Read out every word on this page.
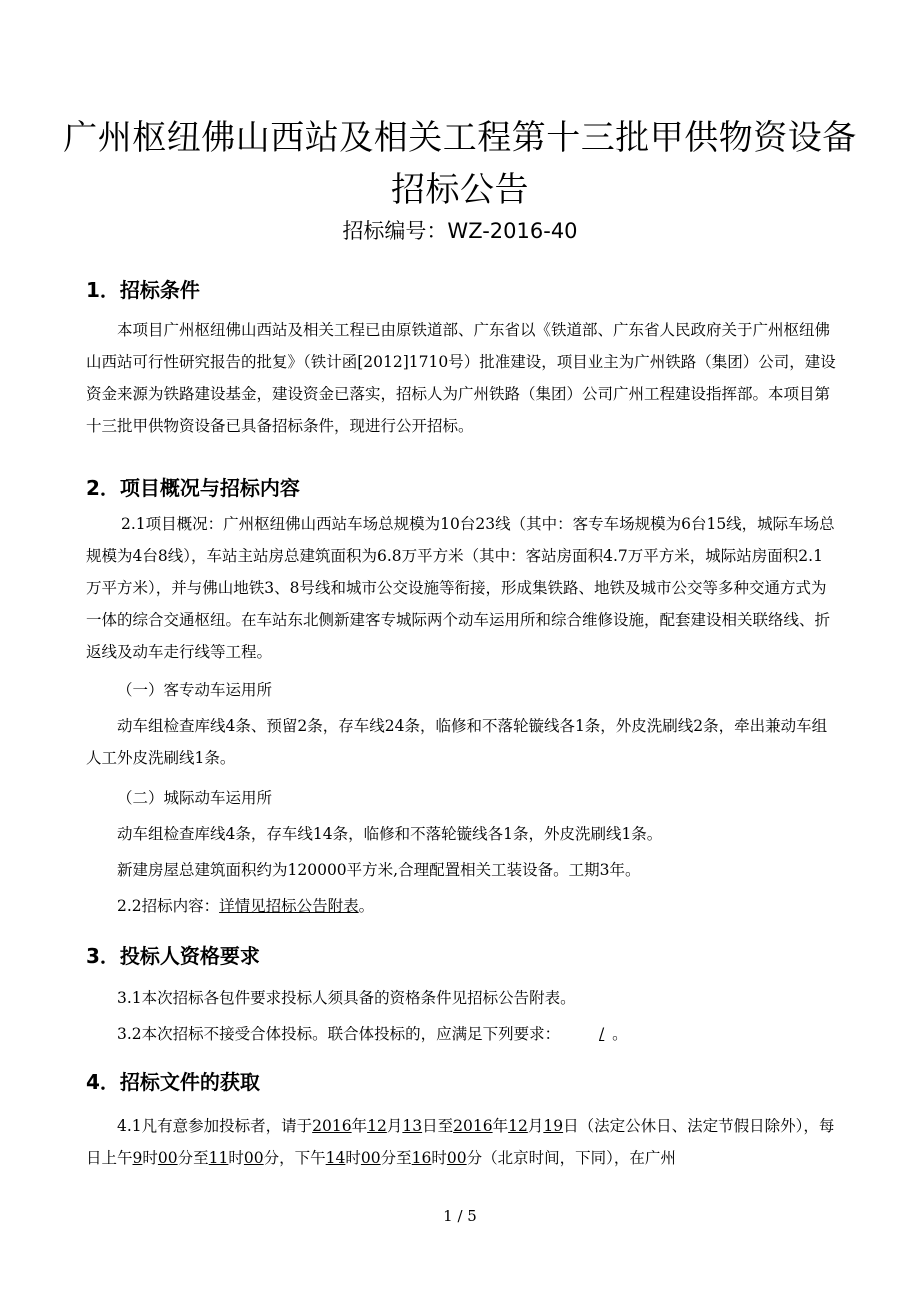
广州枢纽佛山西站及相关工程第十三批甲供物资设备招标公告
招标编号：WZ-2016-40
1．招标条件
本项目广州枢纽佛山西站及相关工程已由原铁道部、广东省以《铁道部、广东省人民政府关于广州枢纽佛山西站可行性研究报告的批复》（铁计函[2012]1710号）批准建设，项目业主为广州铁路（集团）公司，建设资金来源为铁路建设基金，建设资金已落实，招标人为广州铁路（集团）公司广州工程建设指挥部。本项目第十三批甲供物资设备已具备招标条件，现进行公开招标。
2．项目概况与招标内容
2.1项目概况：广州枢纽佛山西站车场总规模为10台23线（其中：客专车场规模为6台15线，城际车场总规模为4台8线），车站主站房总建筑面积为6.8万平方米（其中：客站房面积4.7万平方米，城际站房面积2.1万平方米），并与佛山地铁3、8号线和城市公交设施等衔接，形成集铁路、地铁及城市公交等多种交通方式为一体的综合交通枢纽。在车站东北侧新建客专城际两个动车运用所和综合维修设施，配套建设相关联络线、折返线及动车走行线等工程。
（一）客专动车运用所
动车组检查库线4条、预留2条，存车线24条，临修和不落轮镟线各1条，外皮洗刷线2条，牵出兼动车组人工外皮洗刷线1条。
（二）城际动车运用所
动车组检查库线4条，存车线14条，临修和不落轮镟线各1条，外皮洗刷线1条。
新建房屋总建筑面积约为120000平方米,合理配置相关工装设备。工期3年。
2.2招标内容：详情见招标公告附表。
3．投标人资格要求
3.1本次招标各包件要求投标人须具备的资格条件见招标公告附表。
3.2本次招标不接受合体投标。联合体投标的，应满足下列要求：	/ 。
4．招标文件的获取
4.1凡有意参加投标者，请于2016年12月13日至2016年12月19日（法定公休日、法定节假日除外），每日上午9时00分至11时00分，下午14时00分至16时00分（北京时间，下同），在广州
1 / 5
